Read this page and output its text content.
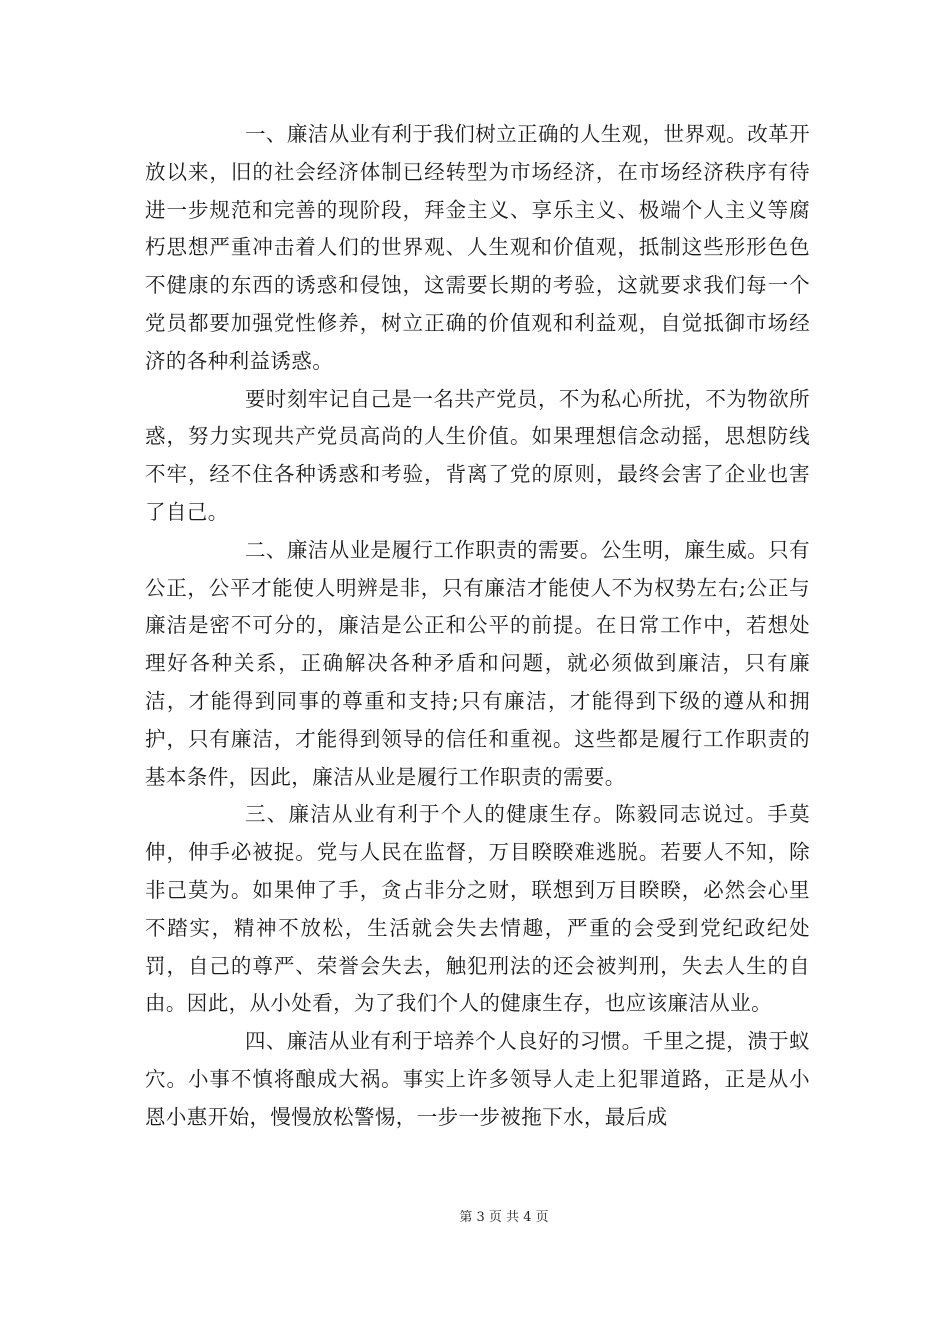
一、廉洁从业有利于我们树立正确的人生观，世界观。改革开放以来，旧的社会经济体制已经转型为市场经济，在市场经济秩序有待进一步规范和完善的现阶段，拜金主义、享乐主义、极端个人主义等腐朽思想严重冲击着人们的世界观、人生观和价值观，抵制这些形形色色不健康的东西的诱惑和侵蚀，这需要长期的考验，这就要求我们每一个党员都要加强党性修养，树立正确的价值观和利益观，自觉抵御市场经济的各种利益诱惑。

要时刻牢记自己是一名共产党员，不为私心所扰，不为物欲所惑，努力实现共产党员高尚的人生价值。如果理想信念动摇，思想防线不牢，经不住各种诱惑和考验，背离了党的原则，最终会害了企业也害了自己。

二、廉洁从业是履行工作职责的需要。公生明，廉生威。只有公正，公平才能使人明辨是非，只有廉洁才能使人不为权势左右;公正与廉洁是密不可分的，廉洁是公正和公平的前提。在日常工作中，若想处理好各种关系，正确解决各种矛盾和问题，就必须做到廉洁，只有廉洁，才能得到同事的尊重和支持;只有廉洁，才能得到下级的遵从和拥护，只有廉洁，才能得到领导的信任和重视。这些都是履行工作职责的基本条件，因此，廉洁从业是履行工作职责的需要。

三、廉洁从业有利于个人的健康生存。陈毅同志说过。手莫伸，伸手必被捉。党与人民在监督，万目睽睽难逃脱。若要人不知，除非己莫为。如果伸了手，贪占非分之财，联想到万目睽睽，必然会心里不踏实，精神不放松，生活就会失去情趣，严重的会受到党纪政纪处罚，自己的尊严、荣誉会失去，触犯刑法的还会被判刑，失去人生的自由。因此，从小处看，为了我们个人的健康生存，也应该廉洁从业。

四、廉洁从业有利于培养个人良好的习惯。千里之提，溃于蚁穴。小事不慎将酿成大祸。事实上许多领导人走上犯罪道路，正是从小恩小惠开始，慢慢放松警惕，一步一步被拖下水，最后成

第 3 页 共 4 页
